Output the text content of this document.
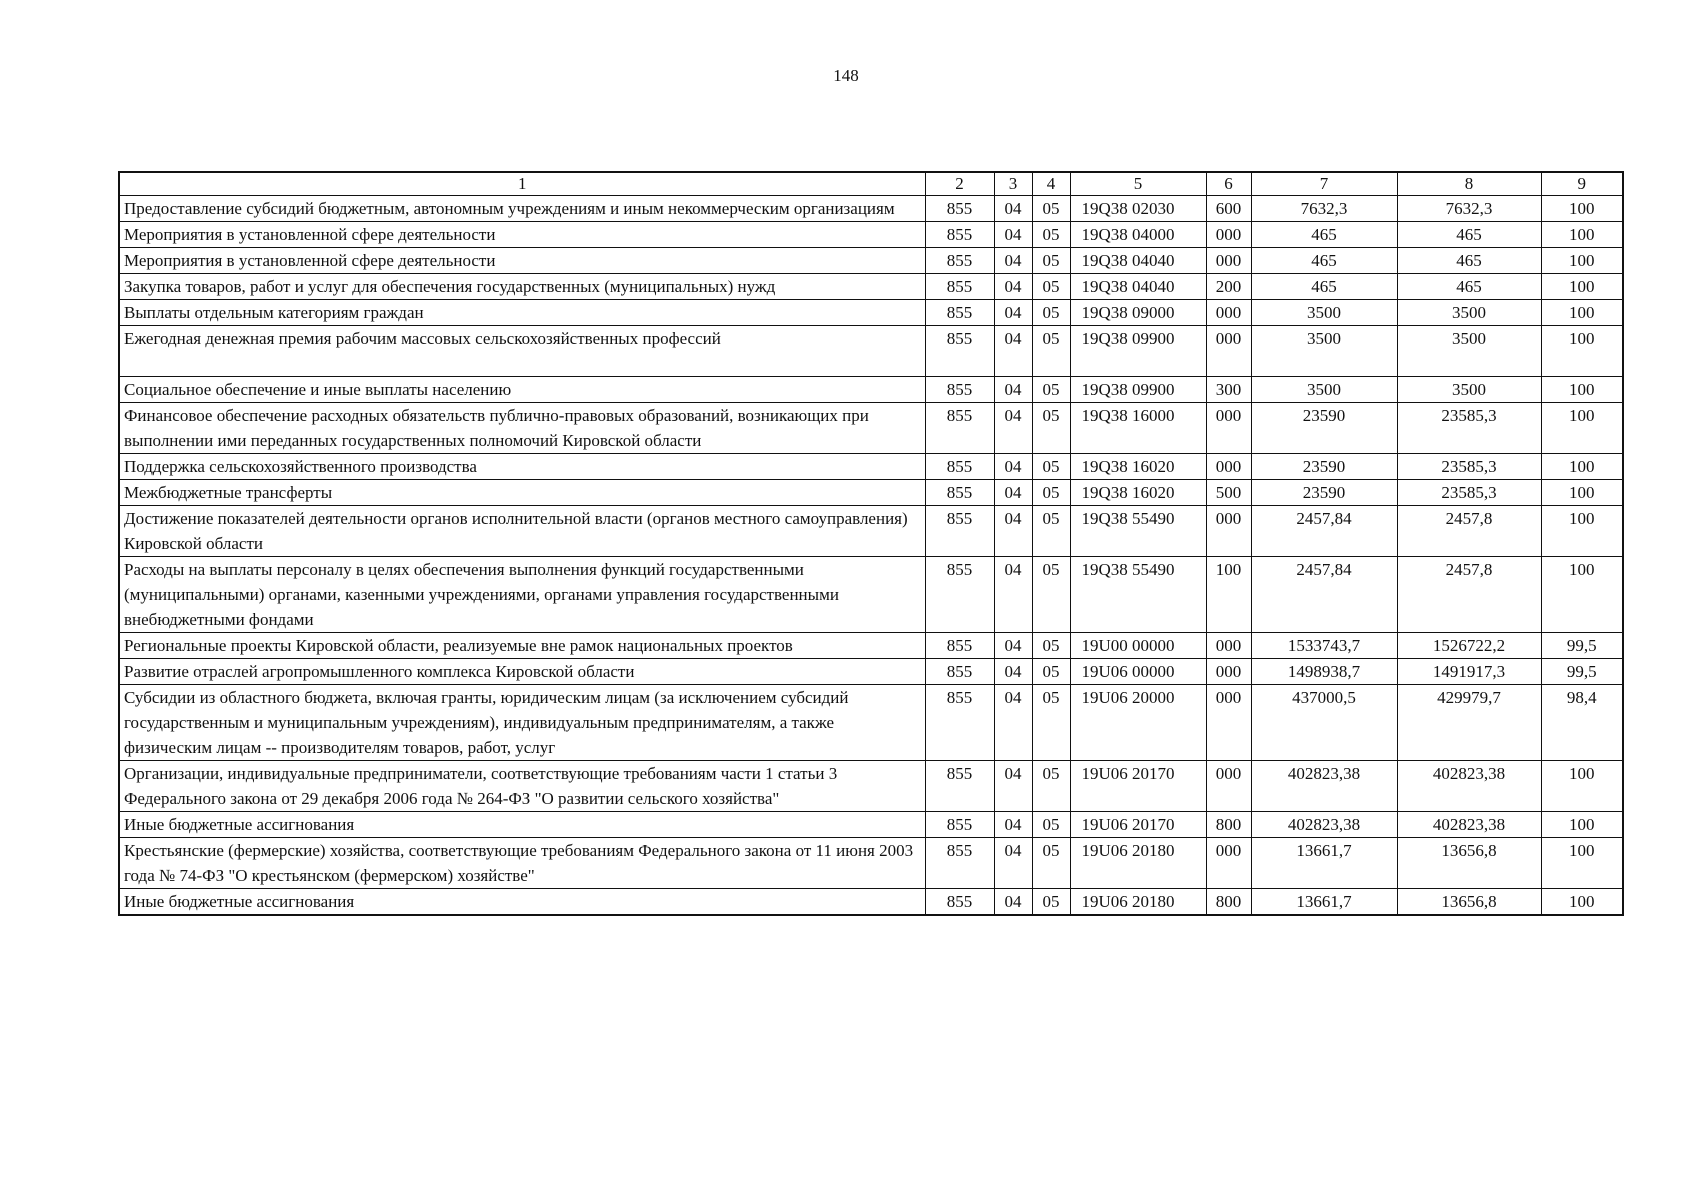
148
1	2	3	4	5	6	7	8	9
Предоставление субсидий бюджетным, автономным учреждениям и иным некоммерческим организациям	855	04	05	19Q38 02030	600	7632,3	7632,3	100
Мероприятия в установленной сфере деятельности	855	04	05	19Q38 04000	000	465	465	100
Мероприятия в установленной сфере деятельности	855	04	05	19Q38 04040	000	465	465	100
Закупка товаров, работ и услуг для обеспечения государственных (муниципальных) нужд	855	04	05	19Q38 04040	200	465	465	100
Выплаты отдельным категориям граждан	855	04	05	19Q38 09000	000	3500	3500	100
Ежегодная денежная премия рабочим массовых сельскохозяйственных профессий	855	04	05	19Q38 09900	000	3500	3500	100
Социальное обеспечение и иные выплаты населению	855	04	05	19Q38 09900	300	3500	3500	100
Финансовое обеспечение расходных обязательств публично-правовых образований, возникающих при выполнении ими переданных государственных полномочий Кировской области	855	04	05	19Q38 16000	000	23590	23585,3	100
Поддержка сельскохозяйственного производства	855	04	05	19Q38 16020	000	23590	23585,3	100
Межбюджетные трансферты	855	04	05	19Q38 16020	500	23590	23585,3	100
Достижение показателей деятельности органов исполнительной власти (органов местного самоуправления) Кировской области	855	04	05	19Q38 55490	000	2457,84	2457,8	100
Расходы на выплаты персоналу в целях обеспечения выполнения функций государственными (муниципальными) органами, казенными учреждениями, органами управления государственными внебюджетными фондами	855	04	05	19Q38 55490	100	2457,84	2457,8	100
Региональные проекты Кировской области, реализуемые вне рамок национальных проектов	855	04	05	19U00 00000	000	1533743,7	1526722,2	99,5
Развитие отраслей агропромышленного комплекса Кировской области	855	04	05	19U06 00000	000	1498938,7	1491917,3	99,5
Субсидии из областного бюджета, включая гранты, юридическим лицам (за исключением субсидий государственным и муниципальным учреждениям), индивидуальным предпринимателям, а также физическим лицам -- производителям товаров, работ, услуг	855	04	05	19U06 20000	000	437000,5	429979,7	98,4
Организации, индивидуальные предприниматели, соответствующие требованиям части 1 статьи 3 Федерального закона от 29 декабря 2006 года № 264-ФЗ "О развитии сельского хозяйства"	855	04	05	19U06 20170	000	402823,38	402823,38	100
Иные бюджетные ассигнования	855	04	05	19U06 20170	800	402823,38	402823,38	100
Крестьянские (фермерские) хозяйства, соответствующие требованиям Федерального закона от 11 июня 2003 года № 74-ФЗ "О крестьянском (фермерском) хозяйстве"	855	04	05	19U06 20180	000	13661,7	13656,8	100
Иные бюджетные ассигнования	855	04	05	19U06 20180	800	13661,7	13656,8	100
